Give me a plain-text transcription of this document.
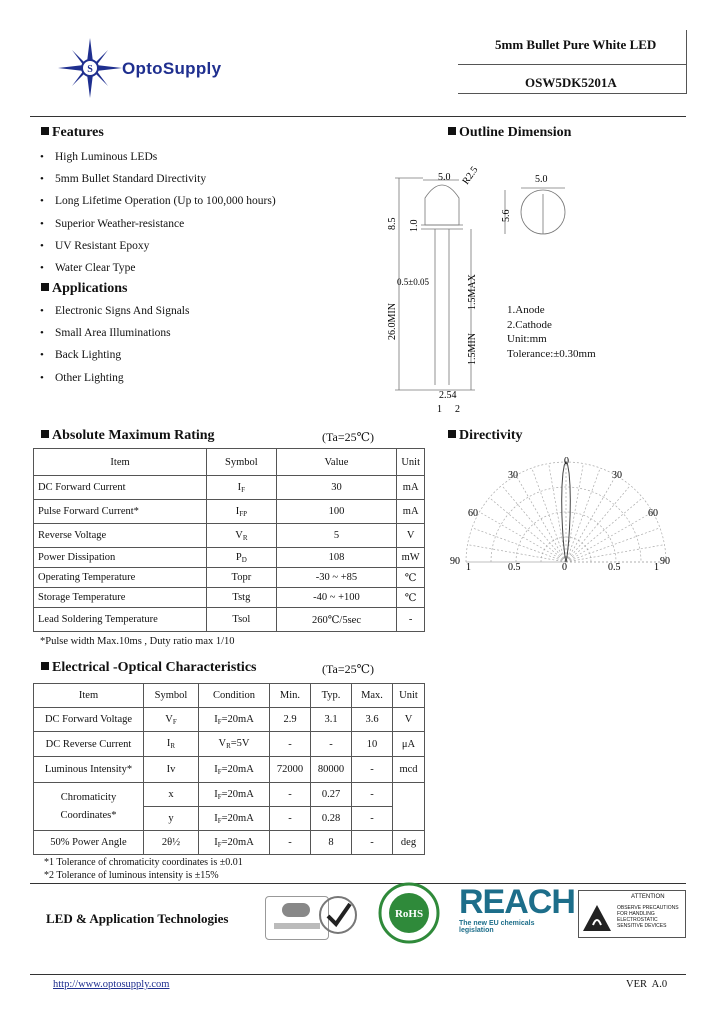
S OptoSupply
5mm Bullet Pure White LED
OSW5DK5201A
Features
• High Luminous LEDs
• 5mm Bullet Standard Directivity
• Long Lifetime Operation (Up to 100,000 hours)
• Superior Weather-resistance
• UV Resistant Epoxy
• Water Clear Type
Applications
• Electronic Signs And Signals
• Small Area Illuminations
• Back Lighting
• Other Lighting
Outline Dimension
5.0 R2.5	5.0
8.5 1.0
5.6
0.5±0.05	1.5MAX
26.0MIN
1.5MIN
2.54
1 2
1.Anode
2.Cathode
Unit:mm
Tolerance:±0.30mm
Absolute Maximum Rating	(Ta=25℃)
Item	Symbol	Value	Unit
DC Forward Current	$I_F$	30	mA
Pulse Forward Current*	$I_{FP}$	100	mA
Reverse Voltage	$V_R$	5	V
Power Dissipation	$P_D$	108	mW
Operating Temperature	Topr	-30 ~ +85	℃
Storage Temperature	Tstg	-40 ~ +100	℃
Lead Soldering Temperature	Tsol	260℃/5sec	-
*Pulse width Max.10ms , Duty ratio max 1/10
Directivity
0
30	30
60	60
90	90
1	0.5	0	0.5	1
Electrical -Optical Characteristics	(Ta=25℃)
Item	Symbol	Condition	Min.	Typ.	Max.	Unit
DC Forward Voltage	$V_F$	$I_F=20mA$	2.9	3.1	3.6	V
DC Reverse Current	$I_R$	$V_R=5V$	-	-	10	μA
Luminous Intensity*	Iv	$I_F=20mA$	72000	80000	-	mcd

Chromaticity
Coordinates*	x	$I_F=20mA$	-	0.27	-	
	y	$I_F=20mA$	-	0.28	-	
50% Power Angle	2θ½	$I_F=20mA$	-	8	-	deg
*1 Tolerance of chromaticity coordinates is ±0.01
*2 Tolerance of luminous intensity is ±15%
LED & Application Technologies	RoHS REACH
The new EU chemicals legislation
ATTENTION
OBSERVE PRECAUTIONS
FOR HANDLING
ELECTROSTATIC
SENSITIVE DEVICES
http://www.optosupply.com	VER  A.0
